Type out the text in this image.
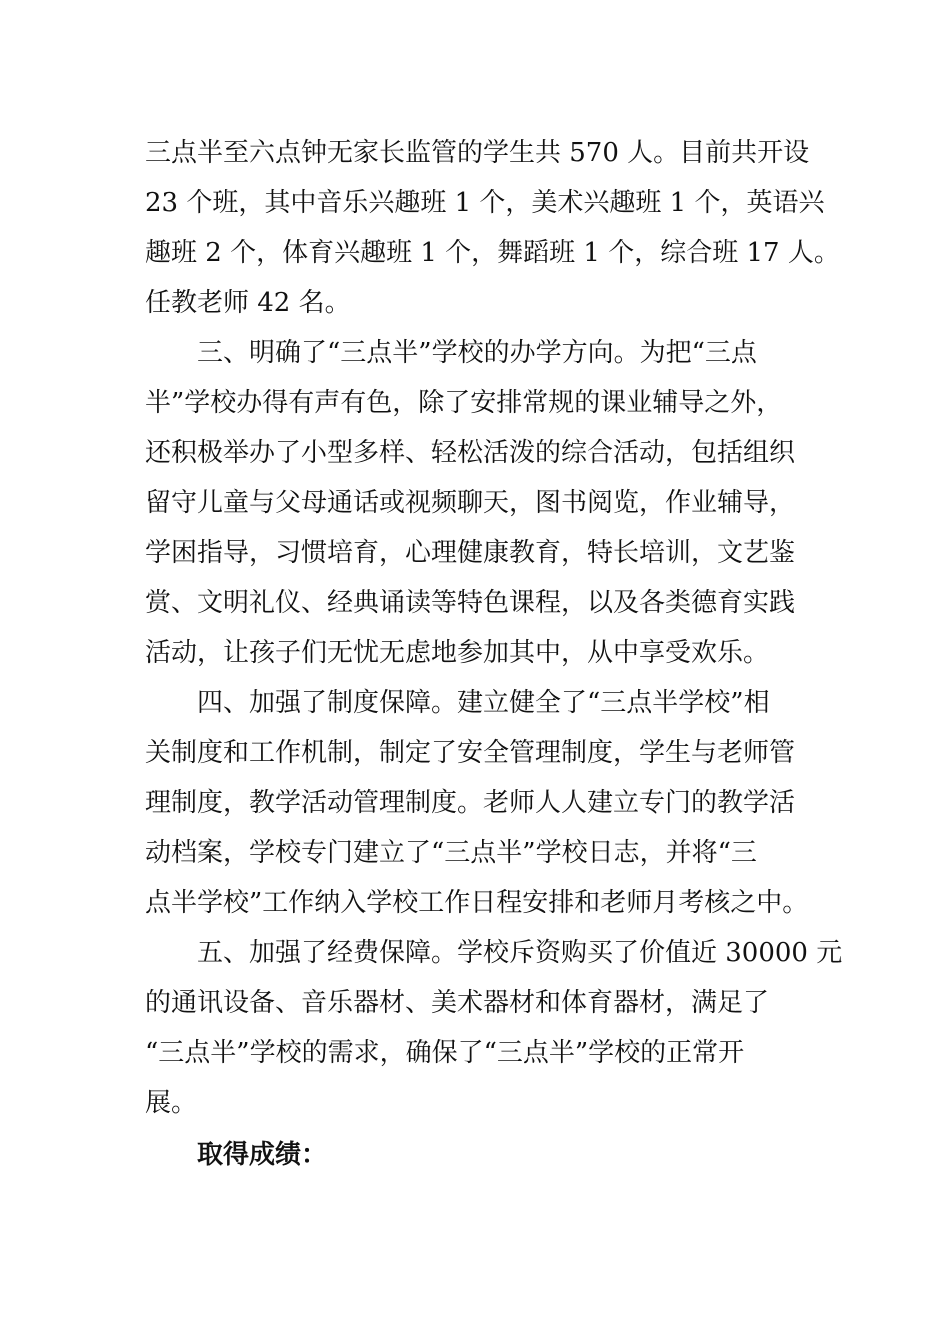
三点半至六点钟无家长监管的学生共 570 人。目前共开设
23 个班，其中音乐兴趣班 1 个，美术兴趣班 1 个，英语兴
趣班 2 个，体育兴趣班 1 个，舞蹈班 1 个，综合班 17 人。
任教老师 42 名。
三、明确了“三点半”学校的办学方向。为把“三点
半”学校办得有声有色，除了安排常规的课业辅导之外，
还积极举办了小型多样、轻松活泼的综合活动，包括组织
留守儿童与父母通话或视频聊天，图书阅览，作业辅导，
学困指导，习惯培育，心理健康教育，特长培训，文艺鉴
赏、文明礼仪、经典诵读等特色课程，以及各类德育实践
活动，让孩子们无忧无虑地参加其中，从中享受欢乐。
四、加强了制度保障。建立健全了“三点半学校”相
关制度和工作机制，制定了安全管理制度，学生与老师管
理制度，教学活动管理制度。老师人人建立专门的教学活
动档案，学校专门建立了“三点半”学校日志，并将“三
点半学校”工作纳入学校工作日程安排和老师月考核之中。
五、加强了经费保障。学校斥资购买了价值近 30000 元
的通讯设备、音乐器材、美术器材和体育器材，满足了
“三点半”学校的需求，确保了“三点半”学校的正常开
展。
取得成绩：
